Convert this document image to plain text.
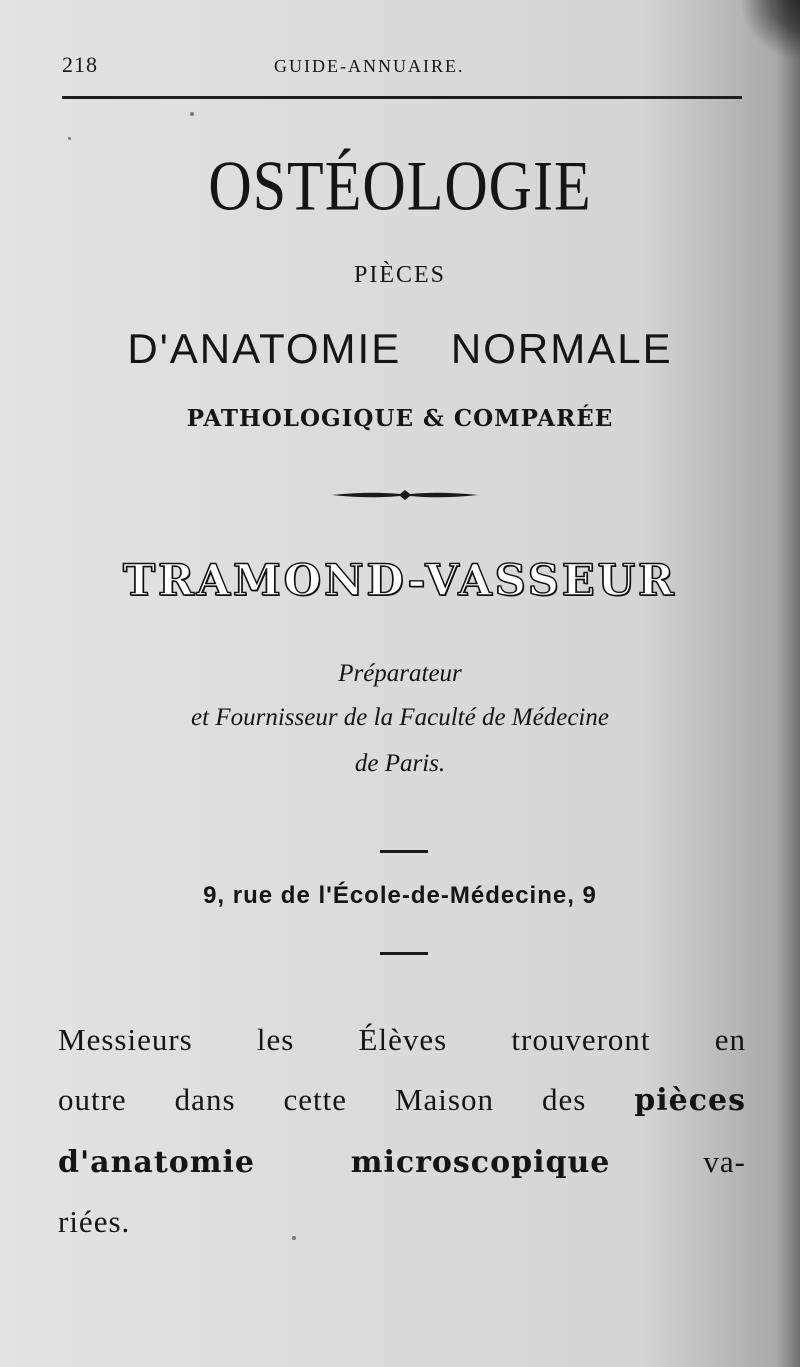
218	GUIDE-ANNUAIRE.
OSTÉOLOGIE
PIÈCES
D'ANATOMIE NORMALE
PATHOLOGIQUE & COMPARÉE
TRAMOND-VASSEUR
Préparateur
et Fournisseur de la Faculté de Médecine
de Paris.
9, rue de l'École-de-Médecine, 9
Messieurs les Élèves trouveront en
outre dans cette Maison des pièces
d'anatomie microscopique	va-
riées.
